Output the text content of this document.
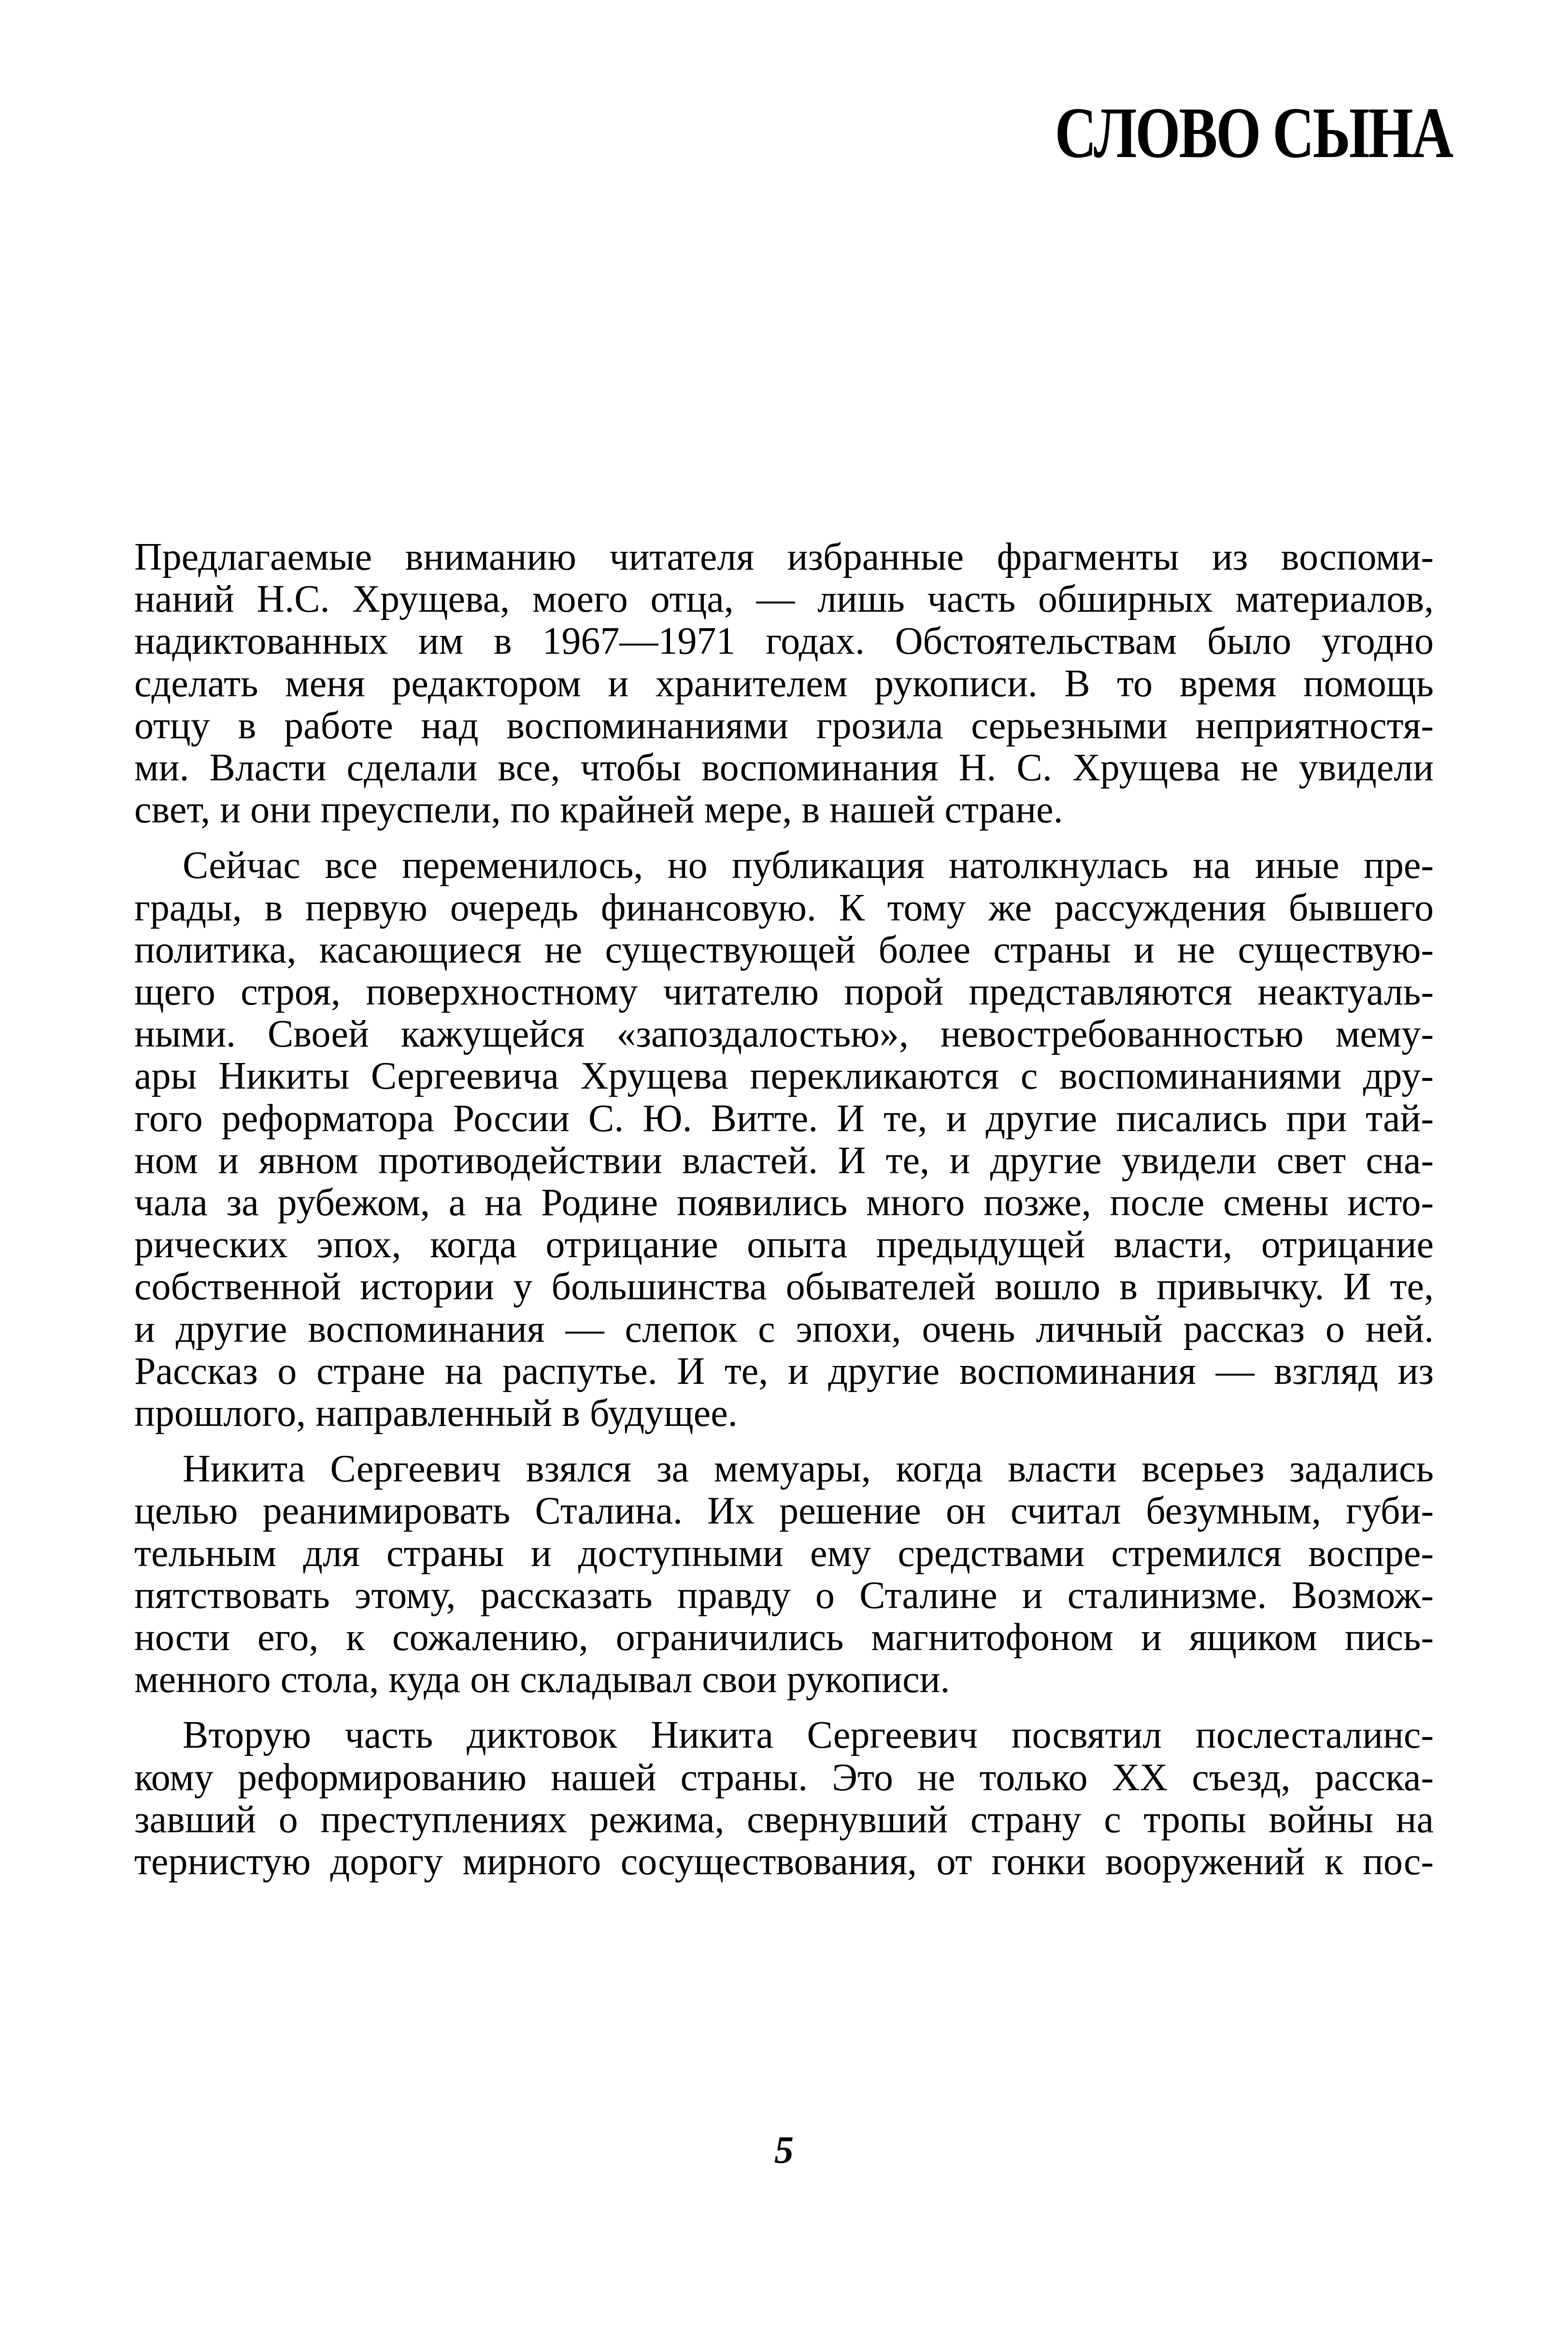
СЛОВО СЫНА

Предлагаемые вниманию читателя избранные фрагменты из воспоми-
наний Н.С. Хрущева, моего отца, — лишь часть обширных материалов,
надиктованных им в 1967—1971 годах. Обстоятельствам было угодно
сделать меня редактором и хранителем рукописи. В то время помощь
отцу в работе над воспоминаниями грозила серьезными неприятностя-
ми. Власти сделали все, чтобы воспоминания Н. С. Хрущева не увидели
свет, и они преуспели, по крайней мере, в нашей стране.

Сейчас все переменилось, но публикация натолкнулась на иные пре-
грады, в первую очередь финансовую. К тому же рассуждения бывшего
политика, касающиеся не существующей более страны и не существую-
щего строя, поверхностному читателю порой представляются неактуаль-
ными. Своей кажущейся «запоздалостью», невостребованностью мему-
ары Никиты Сергеевича Хрущева перекликаются с воспоминаниями дру-
гого реформатора России С. Ю. Витте. И те, и другие писались при тай-
ном и явном противодействии властей. И те, и другие увидели свет сна-
чала за рубежом, а на Родине появились много позже, после смены исто-
рических эпох, когда отрицание опыта предыдущей власти, отрицание
собственной истории у большинства обывателей вошло в привычку. И те,
и другие воспоминания — слепок с эпохи, очень личный рассказ о ней.
Рассказ о стране на распутье. И те, и другие воспоминания — взгляд из
прошлого, направленный в будущее.

Никита Сергеевич взялся за мемуары, когда власти всерьез задались
целью реанимировать Сталина. Их решение он считал безумным, губи-
тельным для страны и доступными ему средствами стремился воспре-
пятствовать этому, рассказать правду о Сталине и сталинизме. Возмож-
ности его, к сожалению, ограничились магнитофоном и ящиком пись-
менного стола, куда он складывал свои рукописи.

Вторую часть диктовок Никита Сергеевич посвятил послесталинс-
кому реформированию нашей страны. Это не только XX съезд, расска-
завший о преступлениях режима, свернувший страну с тропы войны на
тернистую дорогу мирного сосуществования, от гонки вооружений к пос-

5
